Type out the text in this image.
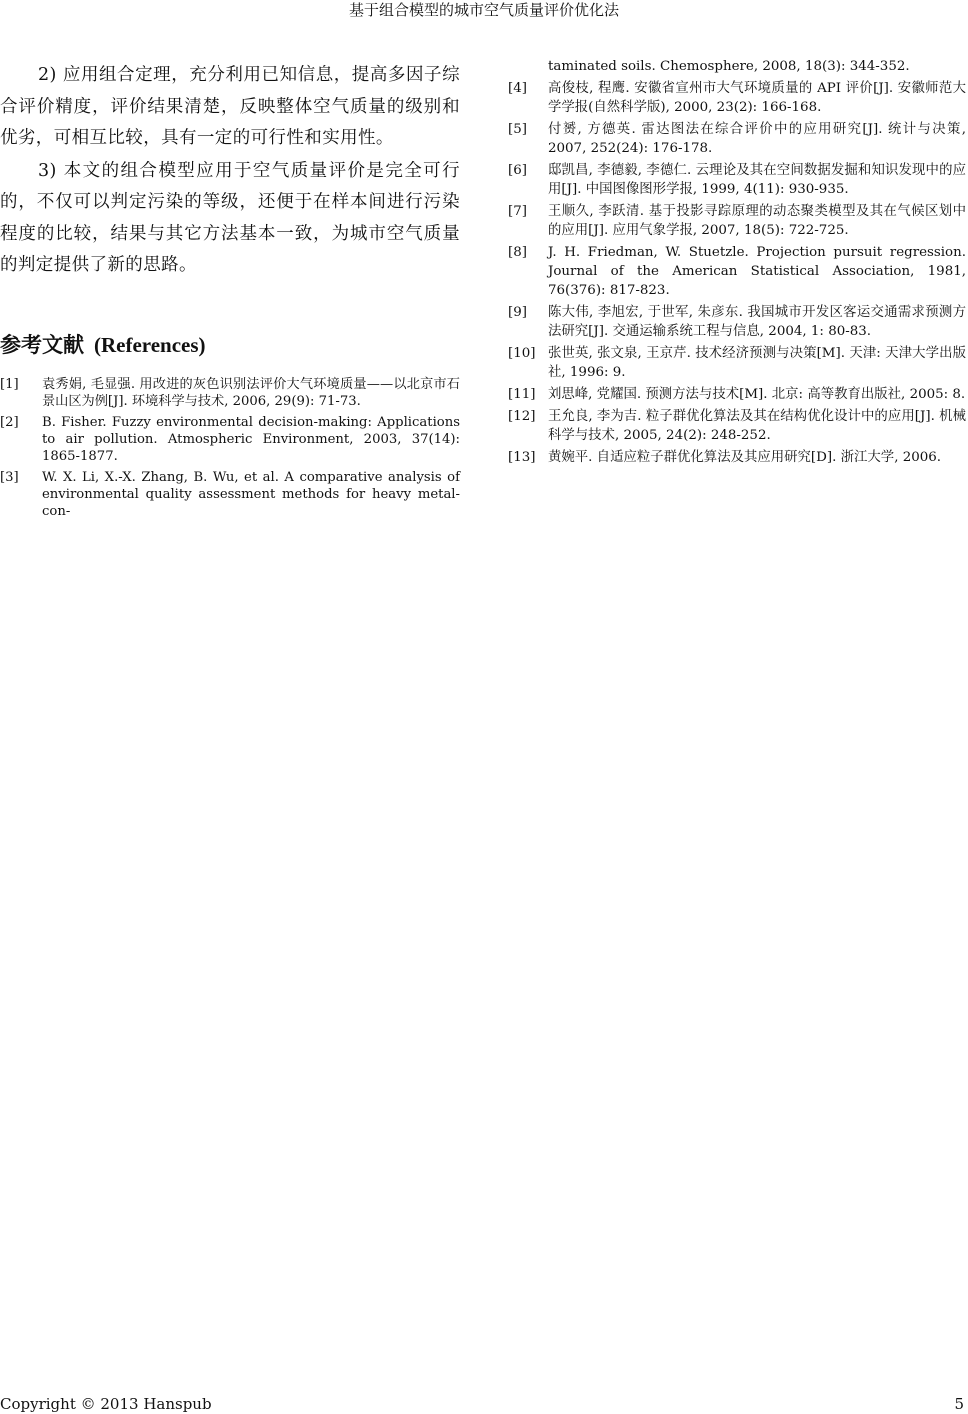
基于组合模型的城市空气质量评价优化法

2) 应用组合定理，充分利用已知信息，提高多因子综合评价精度，评价结果清楚，反映整体空气质量的级别和优劣，可相互比较，具有一定的可行性和实用性。

3) 本文的组合模型应用于空气质量评价是完全可行的，不仅可以判定污染的等级，还便于在样本间进行污染程度的比较，结果与其它方法基本一致，为城市空气质量的判定提供了新的思路。

参考文献 (References)
[1]	袁秀娟, 毛显强. 用改进的灰色识别法评价大气环境质量——以北京市石景山区为例[J]. 环境科学与技术, 2006, 29(9): 71-73.
[2]	B. Fisher. Fuzzy environmental decision-making: Applications to air pollution. Atmospheric Environment, 2003, 37(14): 1865-1877.
[3]	W. X. Li, X.-X. Zhang, B. Wu, et al. A comparative analysis of environmental quality assessment methods for heavy metal-con-
taminated soils. Chemosphere, 2008, 18(3): 344-352.
[4]	高俊枝, 程鹰. 安徽省宣州市大气环境质量的 API 评价[J]. 安徽师范大学学报(自然科学版), 2000, 23(2): 166-168.
[5]	付赟, 方德英. 雷达图法在综合评价中的应用研究[J]. 统计与决策, 2007, 252(24): 176-178.
[6]	邸凯昌, 李德毅, 李德仁. 云理论及其在空间数据发掘和知识发现中的应用[J]. 中国图像图形学报, 1999, 4(11): 930-935.
[7]	王顺久, 李跃清. 基于投影寻踪原理的动态聚类模型及其在气候区划中的应用[J]. 应用气象学报, 2007, 18(5): 722-725.
[8]	J. H. Friedman, W. Stuetzle. Projection pursuit regression. Journal of the American Statistical Association, 1981, 76(376): 817-823.
[9]	陈大伟, 李旭宏, 于世军, 朱彦东. 我国城市开发区客运交通需求预测方法研究[J]. 交通运输系统工程与信息, 2004, 1: 80-83.
[10] 张世英, 张文泉, 王京芹. 技术经济预测与决策[M]. 天津: 天津大学出版社, 1996: 9.
[11] 刘思峰, 党耀国. 预测方法与技术[M]. 北京: 高等教育出版社, 2005: 8.
[12] 王允良, 李为吉. 粒子群优化算法及其在结构优化设计中的应用[J]. 机械科学与技术, 2005, 24(2): 248-252.
[13] 黄婉平. 自适应粒子群优化算法及其应用研究[D]. 浙江大学, 2006.
Copyright © 2013 Hanspub	5
